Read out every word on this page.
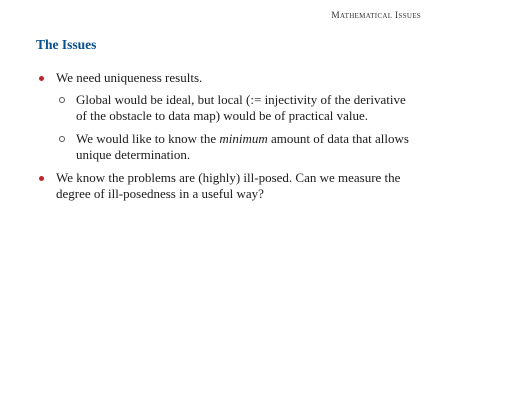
Mathematical Issues
The Issues
We need uniqueness results.
Global would be ideal, but local (:= injectivity of the derivative
of the obstacle to data map) would be of practical value.
We would like to know the minimum amount of data that allows
unique determination.
We know the problems are (highly) ill-posed. Can we measure the
degree of ill-posedness in a useful way?
